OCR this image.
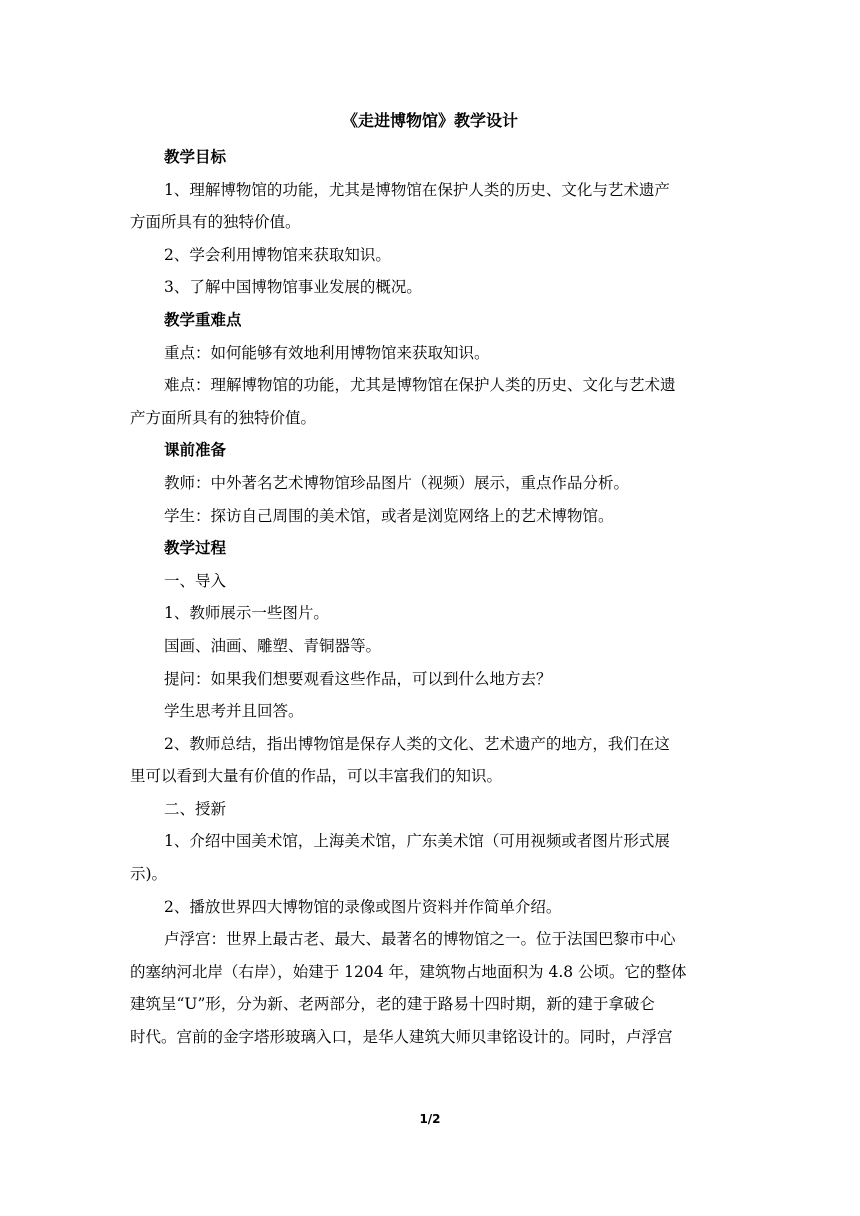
《走进博物馆》教学设计
教学目标
1、理解博物馆的功能，尤其是博物馆在保护人类的历史、文化与艺术遗产
方面所具有的独特价值。
2、学会利用博物馆来获取知识。
3、了解中国博物馆事业发展的概况。
教学重难点
重点：如何能够有效地利用博物馆来获取知识。
难点：理解博物馆的功能，尤其是博物馆在保护人类的历史、文化与艺术遗
产方面所具有的独特价值。
课前准备
教师：中外著名艺术博物馆珍品图片（视频）展示，重点作品分析。
学生：探访自己周围的美术馆，或者是浏览网络上的艺术博物馆。
教学过程
一、导入
1、教师展示一些图片。
国画、油画、雕塑、青铜器等。
提问：如果我们想要观看这些作品，可以到什么地方去？
学生思考并且回答。
2、教师总结，指出博物馆是保存人类的文化、艺术遗产的地方，我们在这
里可以看到大量有价值的作品，可以丰富我们的知识。
二、授新
1、介绍中国美术馆，上海美术馆，广东美术馆（可用视频或者图片形式展
示)。
2、播放世界四大博物馆的录像或图片资料并作简单介绍。
卢浮宫：世界上最古老、最大、最著名的博物馆之一。位于法国巴黎市中心
的塞纳河北岸（右岸），始建于 1204 年，建筑物占地面积为 4.8 公顷。它的整体
建筑呈“U”形，分为新、老两部分，老的建于路易十四时期，新的建于拿破仑
时代。宫前的金字塔形玻璃入口，是华人建筑大师贝聿铭设计的。同时，卢浮宫
1/2
